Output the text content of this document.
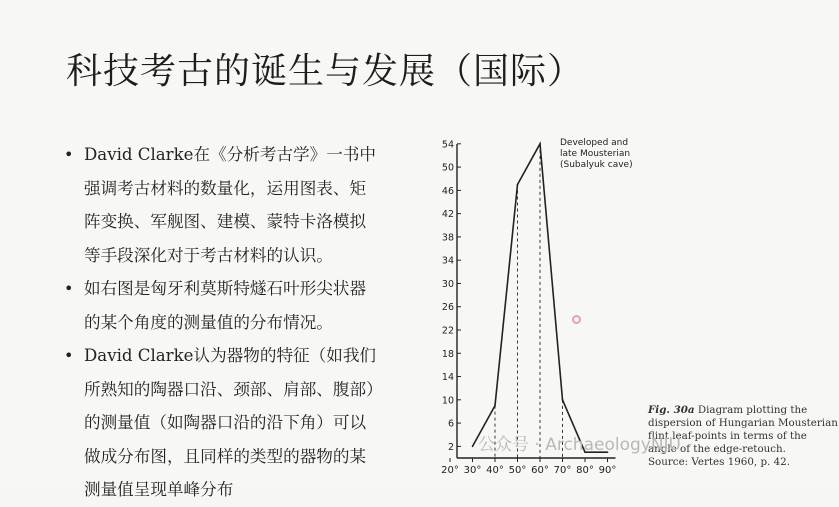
科技考古的诞生与发展（国际）
• David Clarke在《分析考古学》一书中
强调考古材料的数量化，运用图表、矩
阵变换、军舰图、建模、蒙特卡洛模拟
等手段深化对于考古材料的认识。
• 如右图是匈牙利莫斯特燧石叶形尖状器
的某个角度的测量值的分布情况。
• David Clarke认为器物的特征（如我们
所熟知的陶器口沿、颈部、肩部、腹部）
的测量值（如陶器口沿的沿下角）可以
做成分布图，且同样的类型的器物的某
测量值呈现单峰分布
2
6
10
14
18
22
26
30
34
38
42
46
50
54
20° 30° 40° 50° 60° 70° 80° 90°
Developed and
late Mousterian
(Subalyuk cave)
Fig. 30a Diagram plotting the
dispersion of Hungarian Mousterian
flint leaf-points in terms of the
angle of the edge-retouch.
Source: Vertes 1960, p. 42.
公众号 · ArchaeologyNJU
